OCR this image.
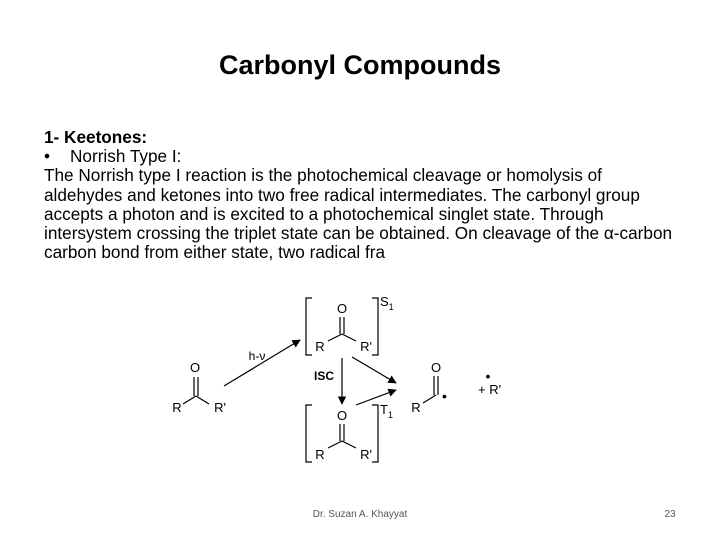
Carbonyl Compounds

1- Keetones:

•	Norrish Type I:

The Norrish type I reaction is the photochemical cleavage or homolysis of aldehydes and ketones into two free radical intermediates. The carbonyl group accepts a photon and is excited to a photochemical singlet state. Through intersystem crossing the triplet state can be obtained. On cleavage of the α-carbon carbon bond from either state, two radical fra

O
R R'
h-ν
O
R	R'
$S_1$
ISC
O
R	R'
$T_1$
O
R
•
•
+ R'
Dr. Suzan A. Khayyat	23
